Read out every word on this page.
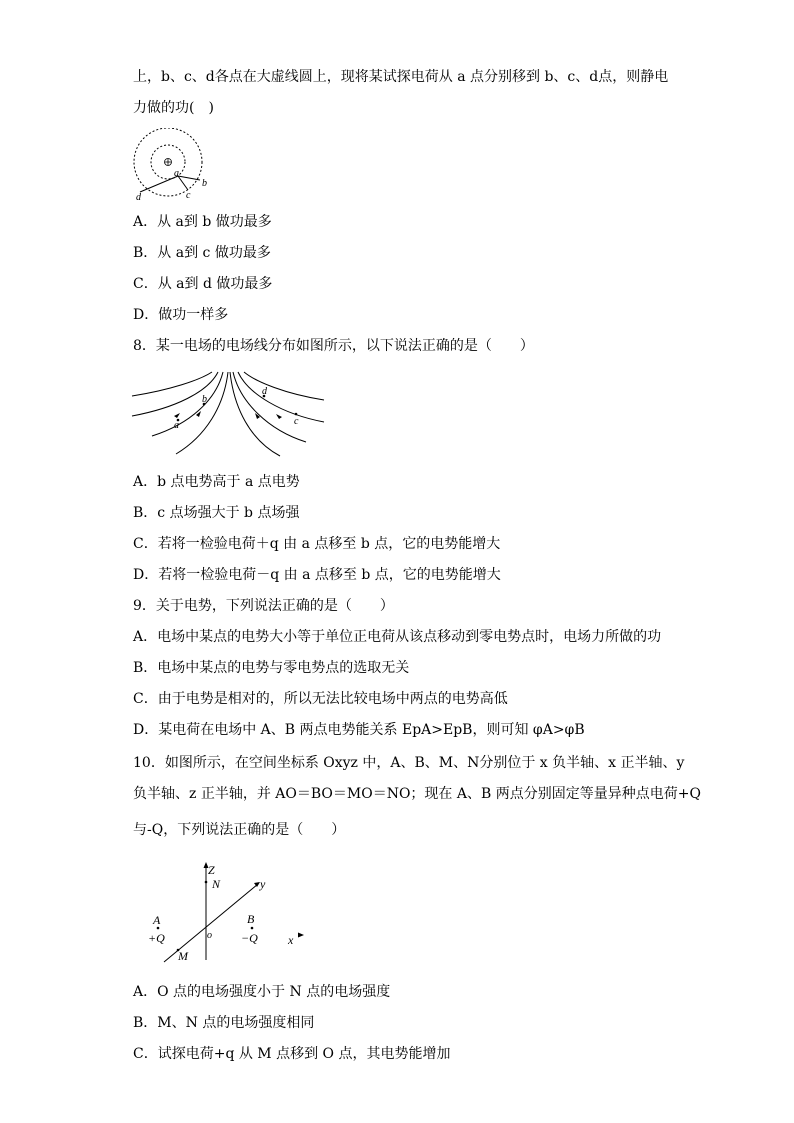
上，b、c、d各点在大虚线圆上，现将某试探电荷从 a 点分别移到 b、c、d点，则静电
力做的功(　)
a
b
c
d
A．从 a到 b 做功最多
B．从 a到 c 做功最多
C．从 a到 d 做功最多
D．做功一样多
8．某一电场的电场线分布如图所示，以下说法正确的是（　　）
a
b
c
d
A．b 点电势高于 a 点电势
B．c 点场强大于 b 点场强
C．若将一检验电荷＋q 由 a 点移至 b 点，它的电势能增大
D．若将一检验电荷－q 由 a 点移至 b 点，它的电势能增大
9．关于电势，下列说法正确的是（　　）
A．电场中某点的电势大小等于单位正电荷从该点移动到零电势点时，电场力所做的功
B．电场中某点的电势与零电势点的选取无关
C．由于电势是相对的，所以无法比较电场中两点的电势高低
D．某电荷在电场中 A、B 两点电势能关系 EpA>EpB，则可知 φA>φB
10．如图所示，在空间坐标系 Oxyz 中，A、B、M、N分别位于 x 负半轴、x 正半轴、y
负半轴、z 正半轴，并 AO＝BO＝MO＝NO；现在 A、B 两点分别固定等量异种点电荷+Q
与-Q，下列说法正确的是（　　）
Z
y
x
N
o
M
A
+Q
B
−Q
A．O 点的电场强度小于 N 点的电场强度
B．M、N 点的电场强度相同
C．试探电荷+q 从 M 点移到 O 点，其电势能增加
